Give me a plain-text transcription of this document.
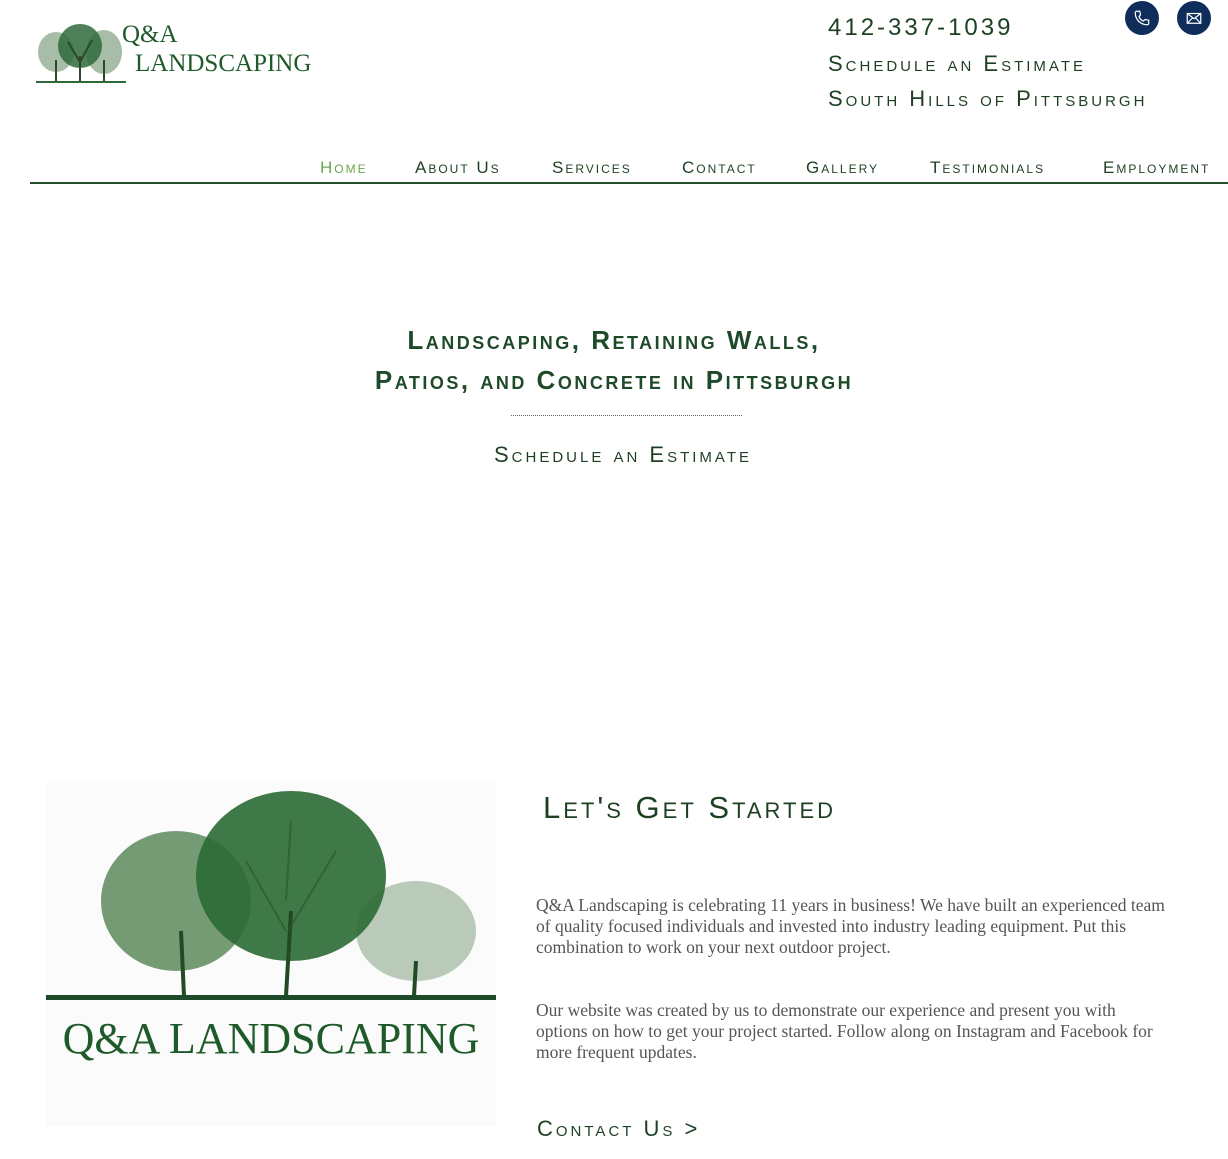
Q&A
LANDSCAPING
412-337-1039
Schedule an Estimate
South Hills of Pittsburgh
Home	About Us	Services	Contact	Gallery	Testimonials	Employment
Landscaping, Retaining Walls,
Patios, and Concrete in Pittsburgh
Schedule an Estimate
Q&A LANDSCAPING
Let's Get Started
Q&A Landscaping is celebrating 11 years in business! We have built an experienced team of quality focused individuals and invested into industry leading equipment. Put this combination to work on your next outdoor project.
Our website was created by us to demonstrate our experience and present you with options on how to get your project started. Follow along on Instagram and Facebook for more frequent updates.
Contact Us >
